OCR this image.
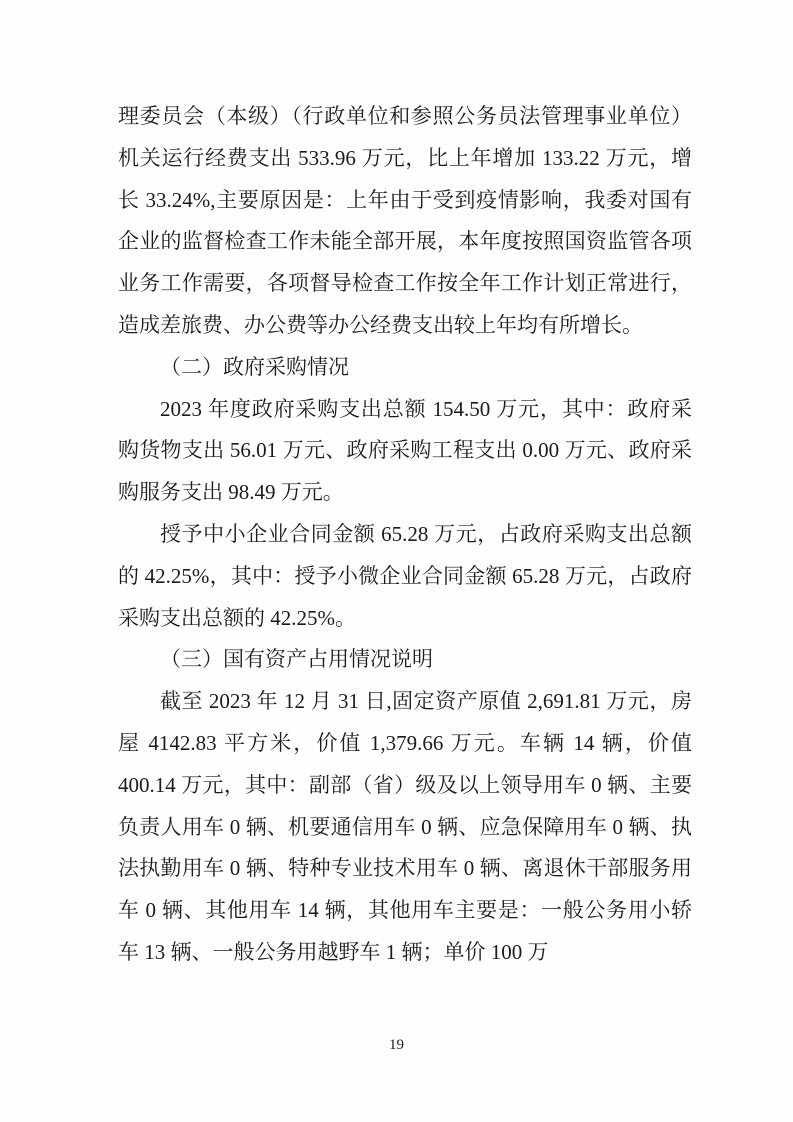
理委员会（本级）（行政单位和参照公务员法管理事业单位）机关运行经费支出 533.96 万元，比上年增加 133.22 万元，增长 33.24%,主要原因是：上年由于受到疫情影响，我委对国有企业的监督检查工作未能全部开展，本年度按照国资监管各项业务工作需要，各项督导检查工作按全年工作计划正常进行，造成差旅费、办公费等办公经费支出较上年均有所增长。

（二）政府采购情况

2023 年度政府采购支出总额 154.50 万元，其中：政府采购货物支出 56.01 万元、政府采购工程支出 0.00 万元、政府采购服务支出 98.49 万元。

授予中小企业合同金额 65.28 万元，占政府采购支出总额的 42.25%，其中：授予小微企业合同金额 65.28 万元，占政府采购支出总额的 42.25%。

（三）国有资产占用情况说明

截至 2023 年 12 月 31 日,固定资产原值 2,691.81 万元，房屋 4142.83 平方米，价值 1,379.66 万元。车辆 14 辆，价值 400.14 万元，其中：副部（省）级及以上领导用车 0 辆、主要负责人用车 0 辆、机要通信用车 0 辆、应急保障用车 0 辆、执法执勤用车 0 辆、特种专业技术用车 0 辆、离退休干部服务用车 0 辆、其他用车 14 辆，其他用车主要是：一般公务用小轿车 13 辆、一般公务用越野车 1 辆；单价 100 万

19
